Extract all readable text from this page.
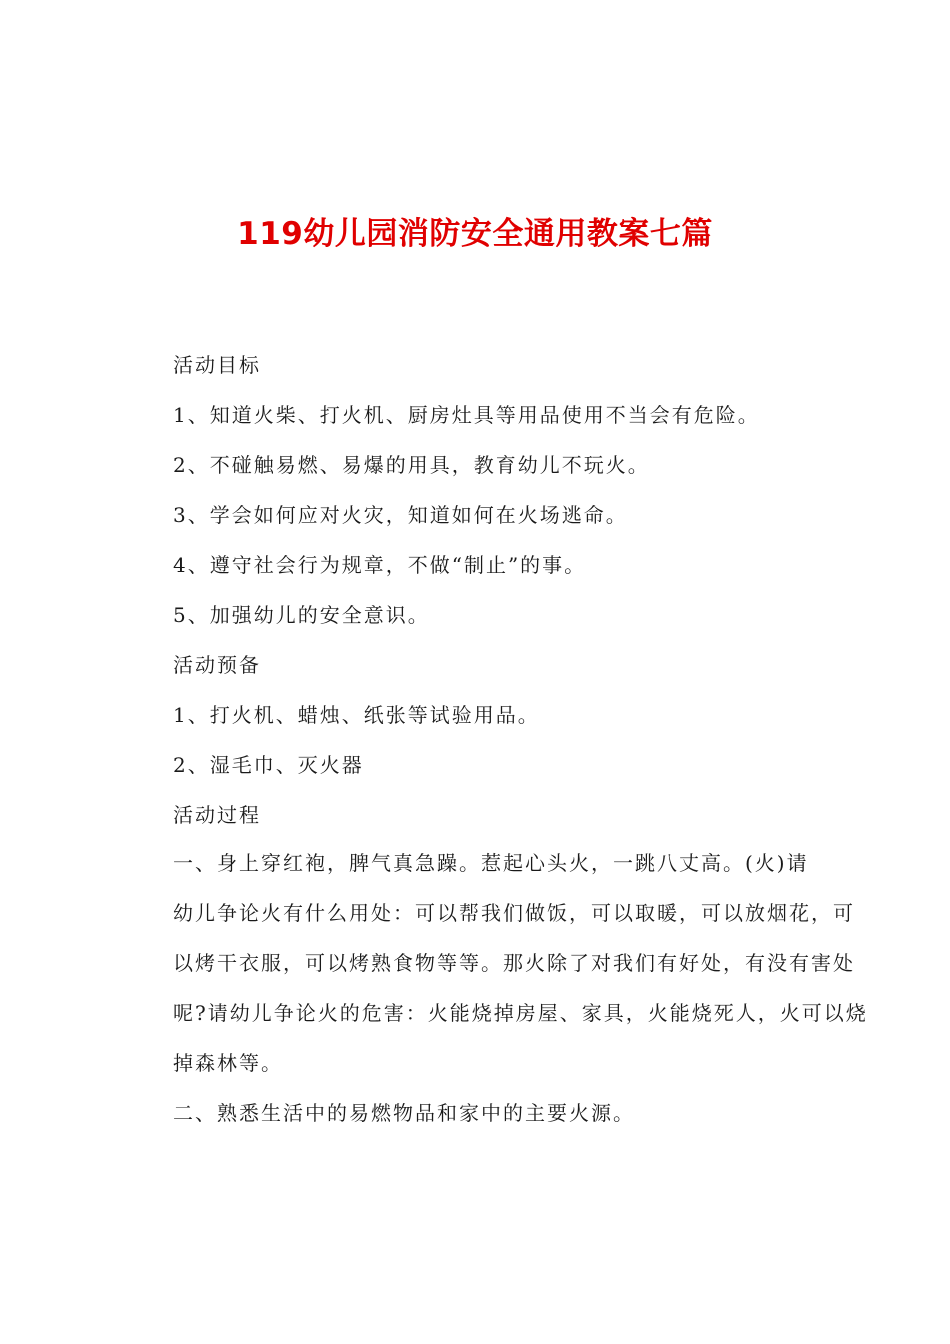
119幼儿园消防安全通用教案七篇
活动目标
1、知道火柴、打火机、厨房灶具等用品使用不当会有危险。
2、不碰触易燃、易爆的用具，教育幼儿不玩火。
3、学会如何应对火灾，知道如何在火场逃命。
4、遵守社会行为规章，不做“制止”的事。
5、加强幼儿的安全意识。
活动预备
1、打火机、蜡烛、纸张等试验用品。
2、湿毛巾、灭火器
活动过程
一、身上穿红袍，脾气真急躁。惹起心头火，一跳八丈高。(火)请
幼儿争论火有什么用处：可以帮我们做饭，可以取暖，可以放烟花，可
以烤干衣服，可以烤熟食物等等。那火除了对我们有好处，有没有害处
呢?请幼儿争论火的危害：火能烧掉房屋、家具，火能烧死人，火可以烧
掉森林等。
二、熟悉生活中的易燃物品和家中的主要火源。
